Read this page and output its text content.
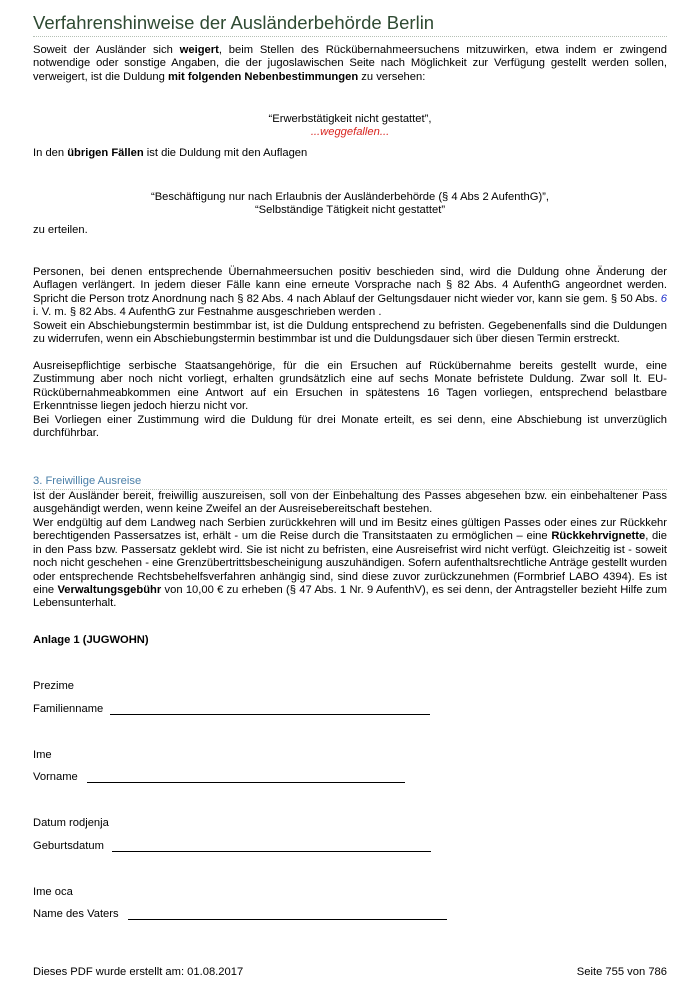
Verfahrenshinweise der Ausländerbehörde Berlin
Soweit der Ausländer sich weigert, beim Stellen des Rückübernahmeersuchens mitzuwirken, etwa indem er zwingend notwendige oder sonstige Angaben, die der jugoslawischen Seite nach Möglichkeit zur Verfügung gestellt werden sollen, verweigert, ist die Duldung mit folgenden Nebenbestimmungen zu versehen:
“Erwerbstätigkeit nicht gestattet”,
...weggefallen...
In den übrigen Fällen ist die Duldung mit den Auflagen
“Beschäftigung nur nach Erlaubnis der Ausländerbehörde (§ 4 Abs 2 AufenthG)”,
“Selbständige Tätigkeit nicht gestattet”
zu erteilen.
Personen, bei denen entsprechende Übernahmeersuchen positiv beschieden sind, wird die Duldung ohne Änderung der Auflagen verlängert. In jedem dieser Fälle kann eine erneute Vorsprache nach § 82 Abs. 4 AufenthG angeordnet werden. Spricht die Person trotz Anordnung nach § 82 Abs. 4 nach Ablauf der Geltungsdauer nicht wieder vor, kann sie gem. § 50 Abs. 6 i. V. m. § 82 Abs. 4 AufenthG zur Festnahme ausgeschrieben werden .
Soweit ein Abschiebungstermin bestimmbar ist, ist die Duldung entsprechend zu befristen. Gegebenenfalls sind die Duldungen zu widerrufen, wenn ein Abschiebungstermin bestimmbar ist und die Duldungsdauer sich über diesen Termin erstreckt.
Ausreisepflichtige serbische Staatsangehörige, für die ein Ersuchen auf Rückübernahme bereits gestellt wurde, eine Zustimmung aber noch nicht vorliegt, erhalten grundsätzlich eine auf sechs Monate befristete Duldung. Zwar soll lt. EU-Rückübernahmeabkommen eine Antwort auf ein Ersuchen in spätestens 16 Tagen vorliegen, entsprechend belastbare Erkenntnisse liegen jedoch hierzu nicht vor.
Bei Vorliegen einer Zustimmung wird die Duldung für drei Monate erteilt, es sei denn, eine Abschiebung ist unverzüglich durchführbar.
3. Freiwillige Ausreise
Ist der Ausländer bereit, freiwillig auszureisen, soll von der Einbehaltung des Passes abgesehen bzw. ein einbehaltener Pass ausgehändigt werden, wenn keine Zweifel an der Ausreisebereitschaft bestehen.
Wer endgültig auf dem Landweg nach Serbien zurückkehren will und im Besitz eines gültigen Passes oder eines zur Rückkehr berechtigenden Passersatzes ist, erhält - um die Reise durch die Transitstaaten zu ermöglichen – eine Rückkehrvignette, die in den Pass bzw. Passersatz geklebt wird. Sie ist nicht zu befristen, eine Ausreisefrist wird nicht verfügt. Gleichzeitig ist - soweit noch nicht geschehen - eine Grenzübertrittsbescheinigung auszuhändigen. Sofern aufenthaltsrechtliche Anträge gestellt wurden oder entsprechende Rechtsbehelfsverfahren anhängig sind, sind diese zuvor zurückzunehmen (Formbrief LABO 4394). Es ist eine Verwaltungsgebühr von 10,00 € zu erheben (§ 47 Abs. 1 Nr. 9 AufenthV), es sei denn, der Antragsteller bezieht Hilfe zum Lebensunterhalt.
Anlage 1 (JUGWOHN)
Prezime
Familienname
Ime
Vorname
Datum rodjenja
Geburtsdatum
Ime oca
Name des Vaters
Dieses PDF wurde erstellt am: 01.08.2017	Seite 755 von 786
